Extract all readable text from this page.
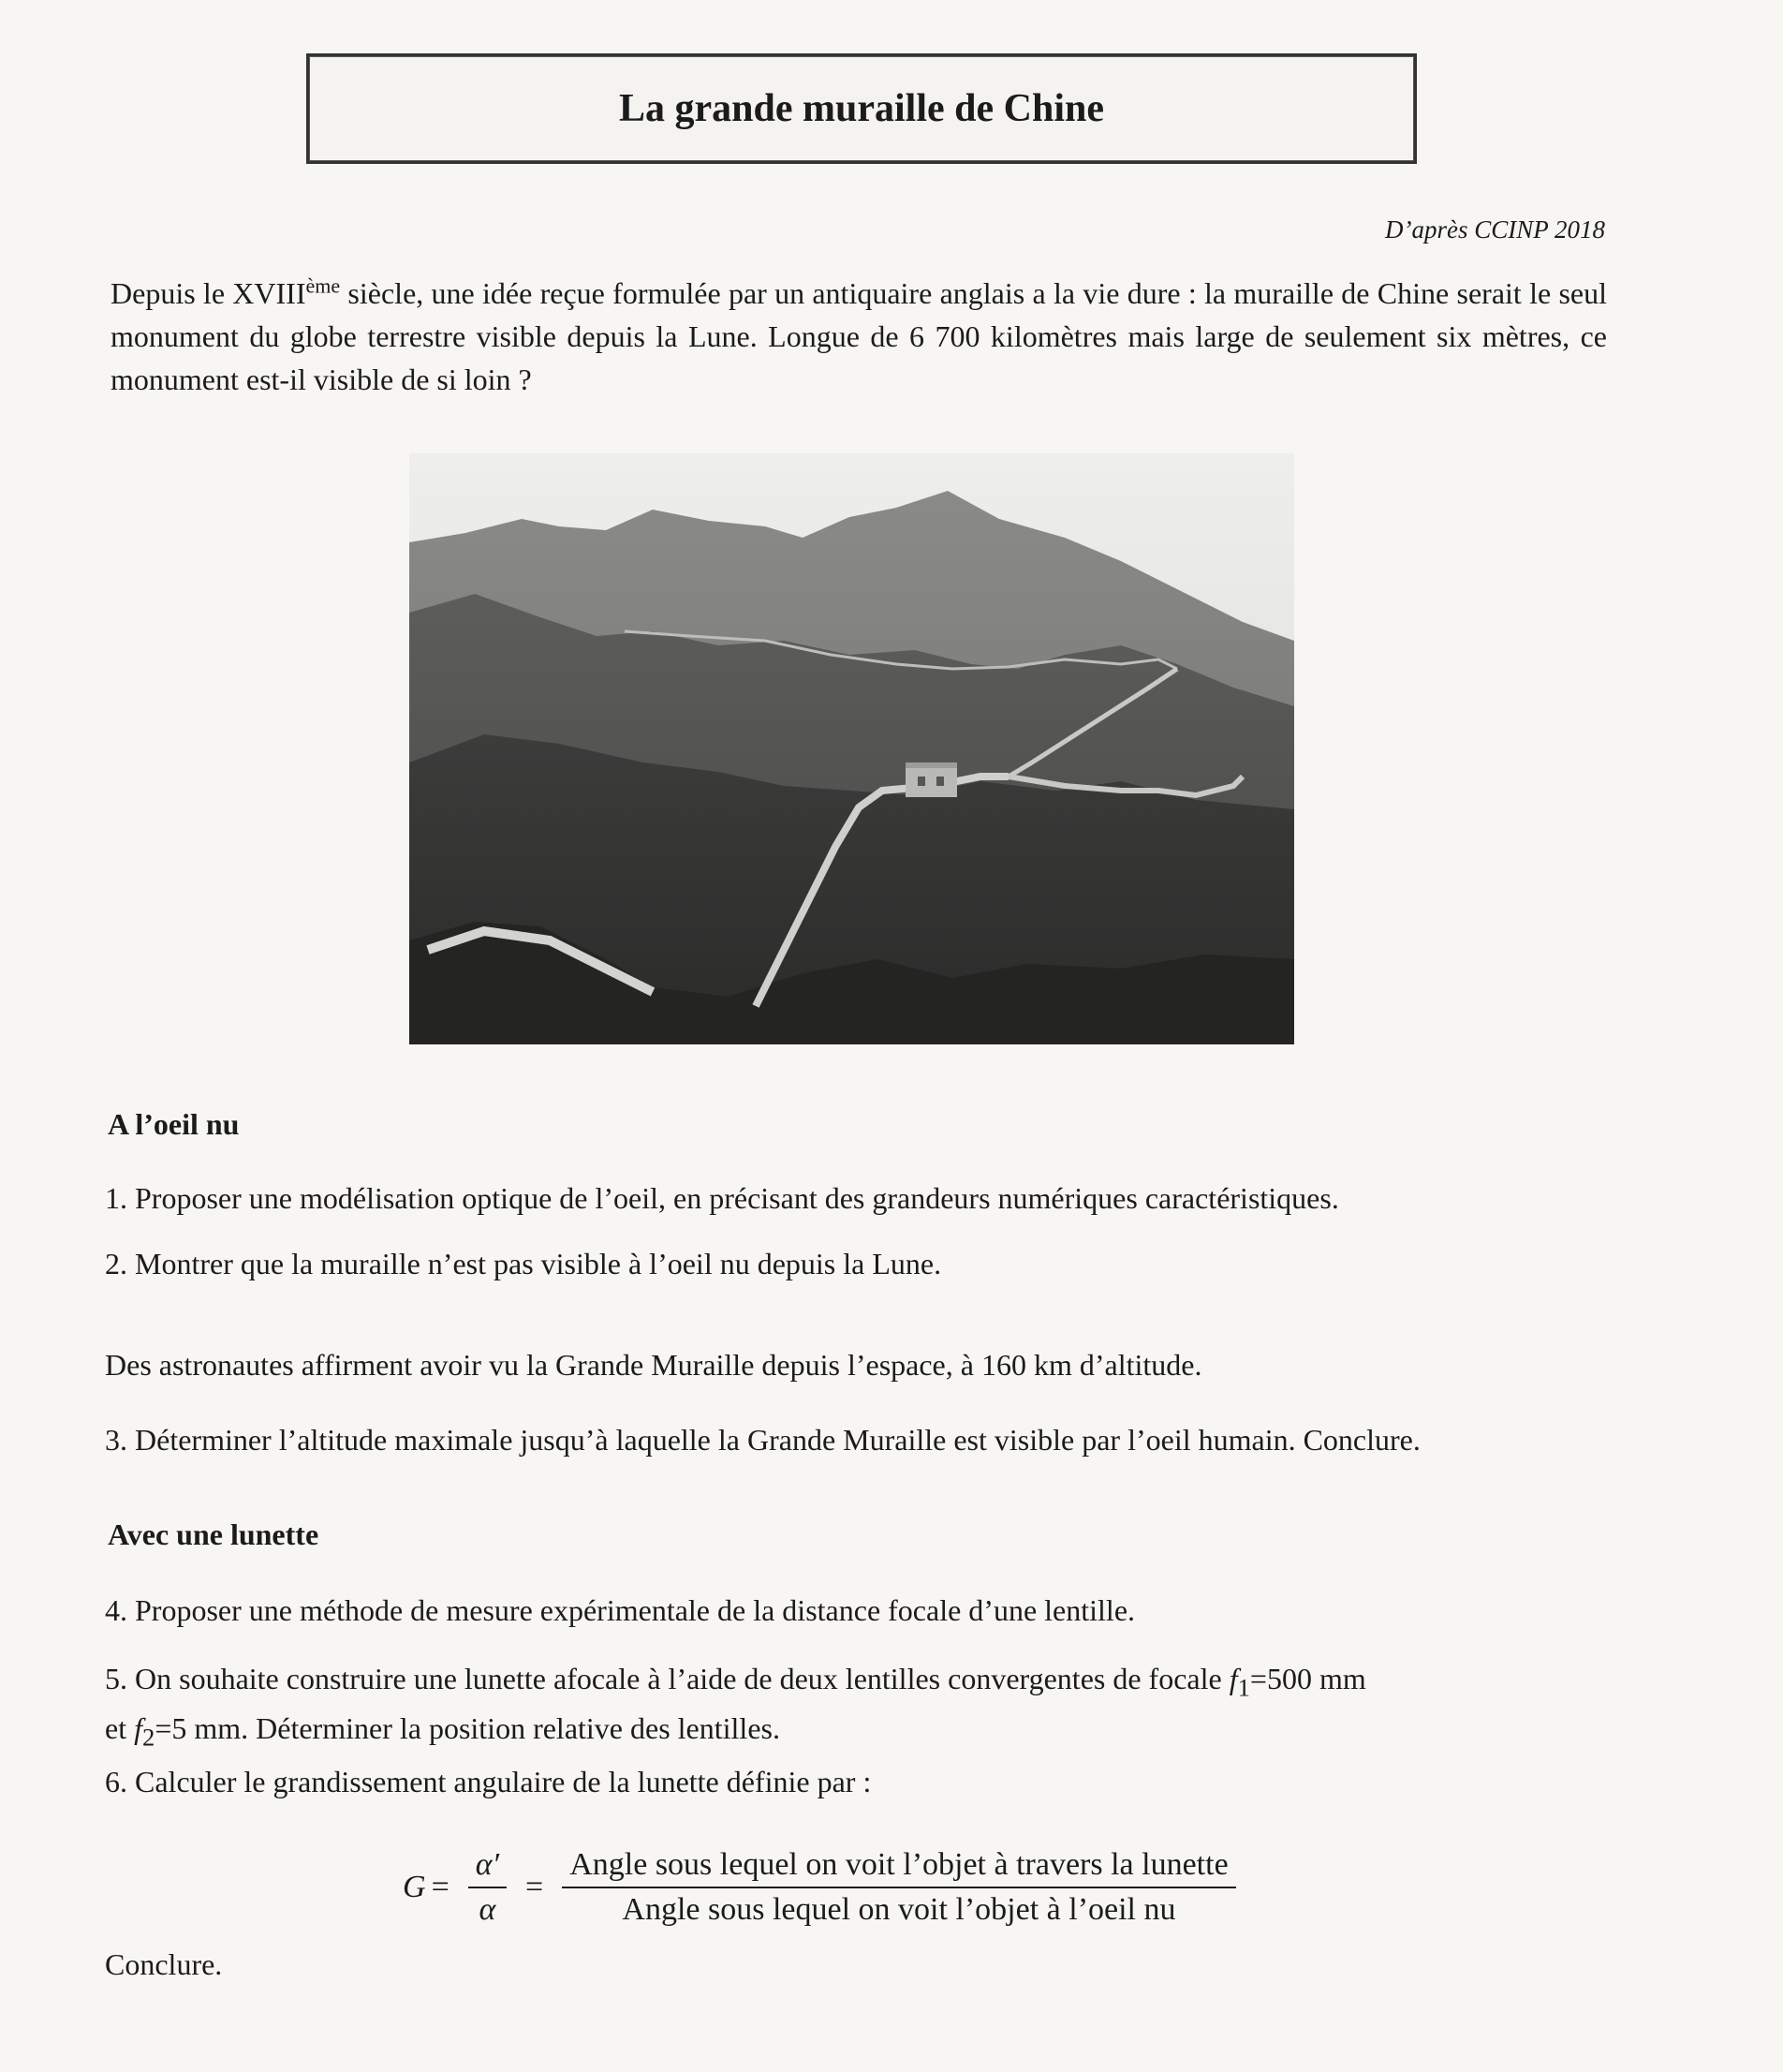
La grande muraille de Chine
D’après CCINP 2018

Depuis le XVIIIème siècle, une idée reçue formulée par un antiquaire anglais a la vie dure : la muraille de Chine serait le seul monument du globe terrestre visible depuis la Lune. Longue de 6 700 kilomètres mais large de seulement six mètres, ce monument est-il visible de si loin ?

A l’oeil nu

1. Proposer une modélisation optique de l’oeil, en précisant des grandeurs numériques caractéristiques.

2. Montrer que la muraille n’est pas visible à l’oeil nu depuis la Lune.

Des astronautes affirment avoir vu la Grande Muraille depuis l’espace, à 160 km d’altitude.

3. Déterminer l’altitude maximale jusqu’à laquelle la Grande Muraille est visible par l’oeil humain. Conclure.

Avec une lunette

4. Proposer une méthode de mesure expérimentale de la distance focale d’une lentille.

5. On souhaite construire une lunette afocale à l’aide de deux lentilles convergentes de focale $f_1=500$ mm
et $f_2=5$ mm. Déterminer la position relative des lentilles.

6. Calculer le grandissement angulaire de la lunette définie par :

$G = \frac{\alpha'}{\alpha} = \frac{\text{Angle sous lequel on voit l’objet à travers la lunette}}{\text{Angle sous lequel on voit l’objet à l’oeil nu}}$

Conclure.
